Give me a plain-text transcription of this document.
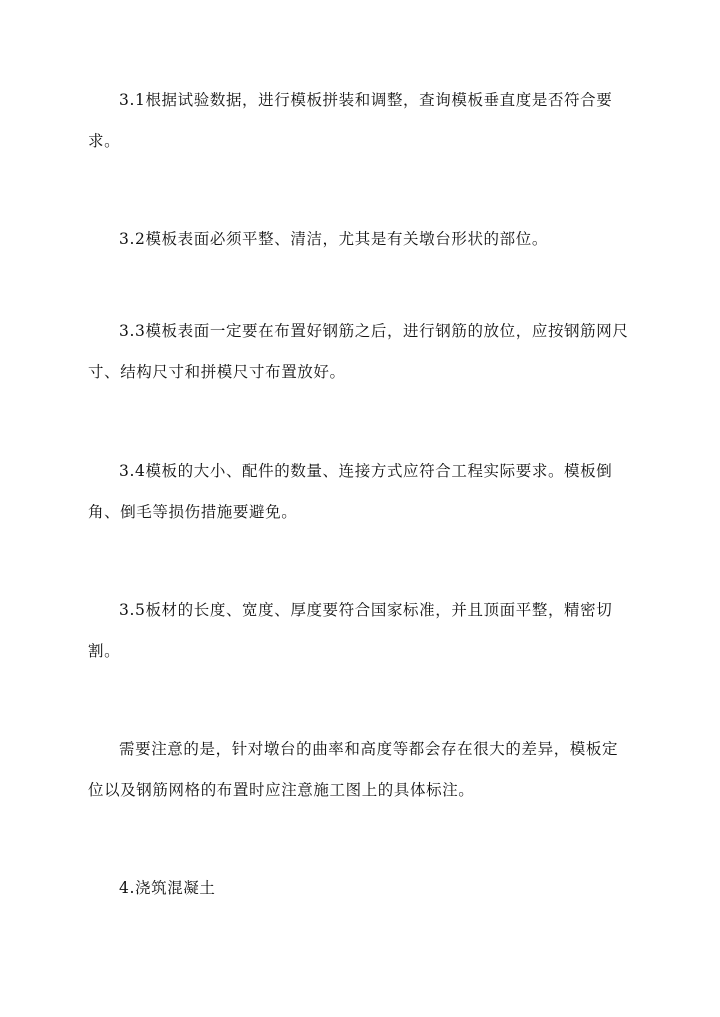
3.1根据试验数据，进行模板拼装和调整，查询模板垂直度是否符合要求。

3.2模板表面必须平整、清洁，尤其是有关墩台形状的部位。

3.3模板表面一定要在布置好钢筋之后，进行钢筋的放位，应按钢筋网尺寸、结构尺寸和拼模尺寸布置放好。

3.4模板的大小、配件的数量、连接方式应符合工程实际要求。模板倒角、倒毛等损伤措施要避免。

3.5板材的长度、宽度、厚度要符合国家标准，并且顶面平整，精密切割。

需要注意的是，针对墩台的曲率和高度等都会存在很大的差异，模板定位以及钢筋网格的布置时应注意施工图上的具体标注。

4.浇筑混凝土
